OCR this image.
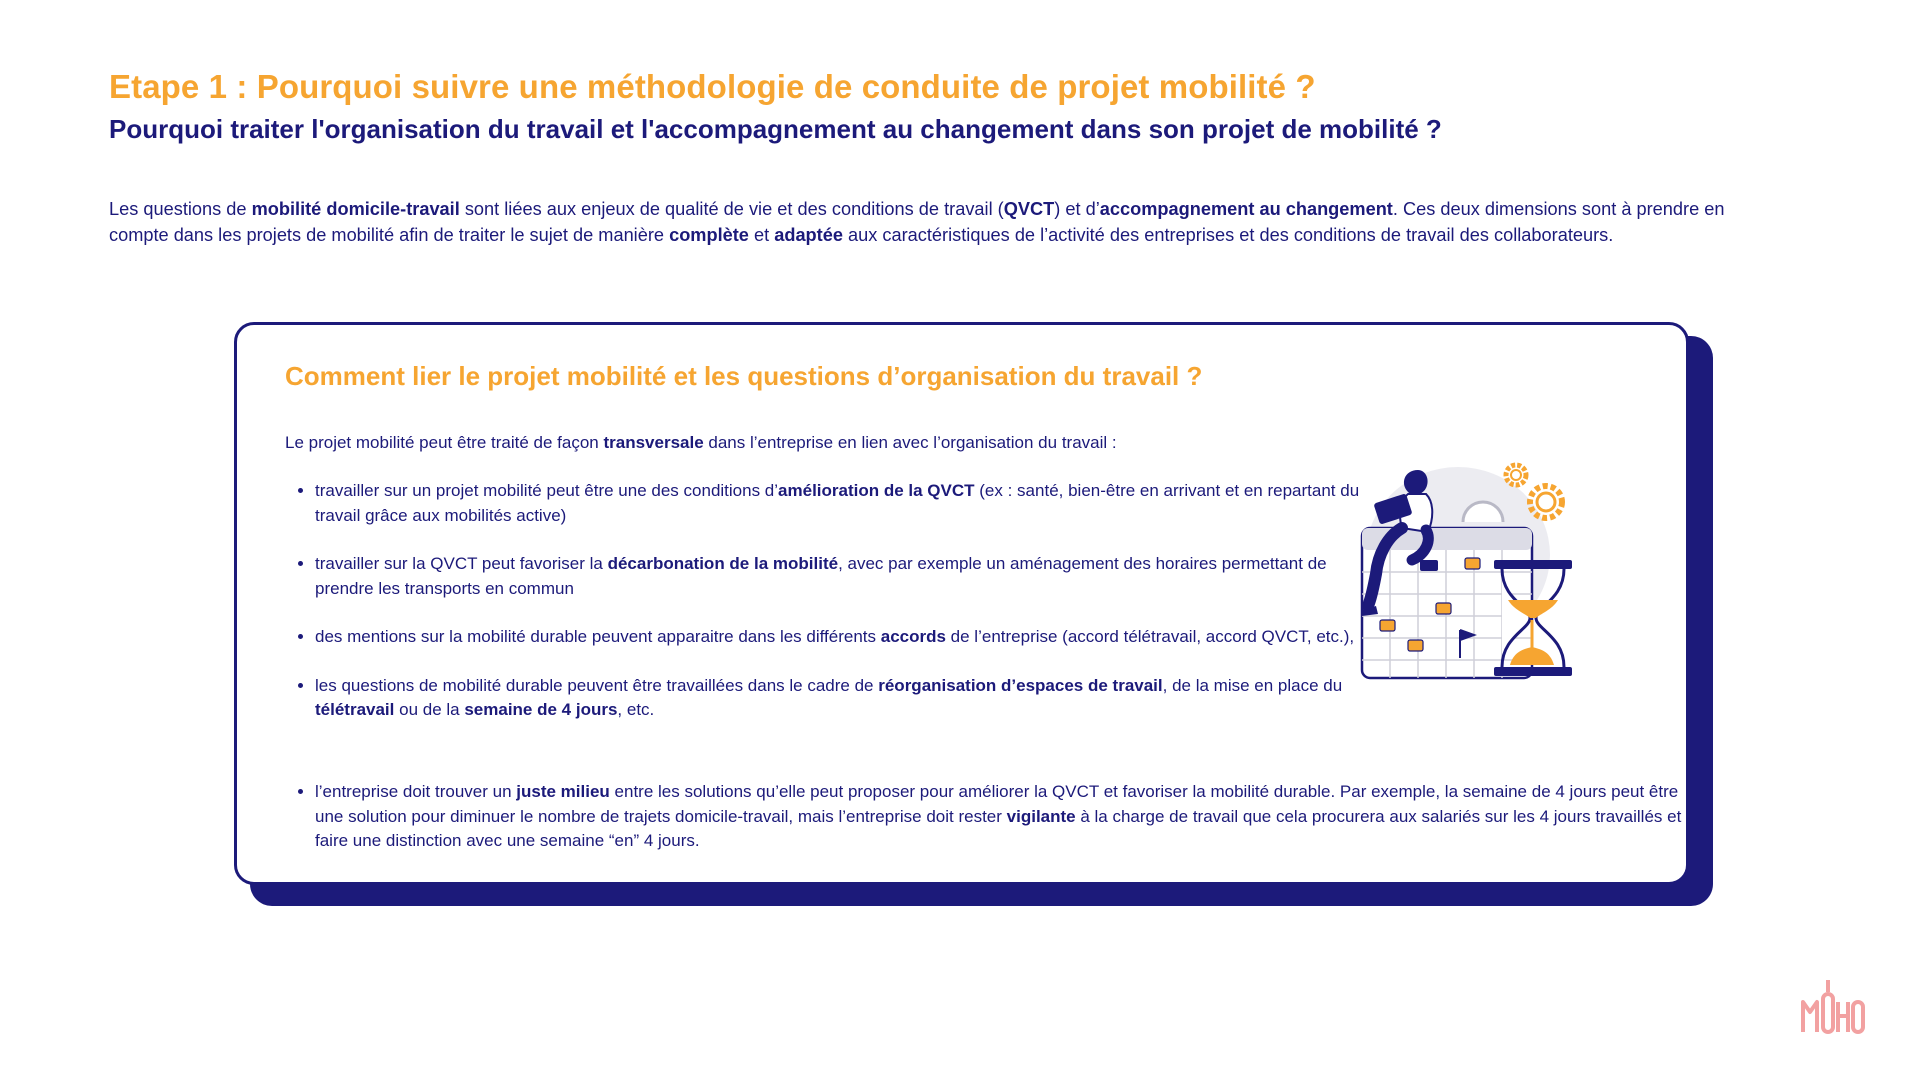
Etape 1 : Pourquoi suivre une méthodologie de conduite de projet mobilité ?
Pourquoi traiter l'organisation du travail et l'accompagnement au changement dans son projet de mobilité ?

Les questions de mobilité domicile-travail sont liées aux enjeux de qualité de vie et des conditions de travail (QVCT) et d’accompagnement au changement. Ces deux dimensions sont à prendre en compte dans les projets de mobilité afin de traiter le sujet de manière complète et adaptée aux caractéristiques de l’activité des entreprises et des conditions de travail des collaborateurs.

Comment lier le projet mobilité et les questions d’organisation du travail ?

Le projet mobilité peut être traité de façon transversale dans l’entreprise en lien avec l’organisation du travail :

• travailler sur un projet mobilité peut être une des conditions d’amélioration de la QVCT (ex : santé, bien-être en arrivant et en repartant du travail grâce aux mobilités active)
• travailler sur la QVCT peut favoriser la décarbonation de la mobilité, avec par exemple un aménagement des horaires permettant de prendre les transports en commun
• des mentions sur la mobilité durable peuvent apparaitre dans les différents accords de l’entreprise (accord télétravail, accord QVCT, etc.),
• les questions de mobilité durable peuvent être travaillées dans le cadre de réorganisation d’espaces de travail, de la mise en place du télétravail ou de la semaine de 4 jours, etc.
• l’entreprise doit trouver un juste milieu entre les solutions qu’elle peut proposer pour améliorer la QVCT et favoriser la mobilité durable. Par exemple, la semaine de 4 jours peut être une solution pour diminuer le nombre de trajets domicile-travail, mais l’entreprise doit rester vigilante à la charge de travail que cela procurera aux salariés sur les 4 jours travaillés et faire une distinction avec une semaine “en” 4 jours.
